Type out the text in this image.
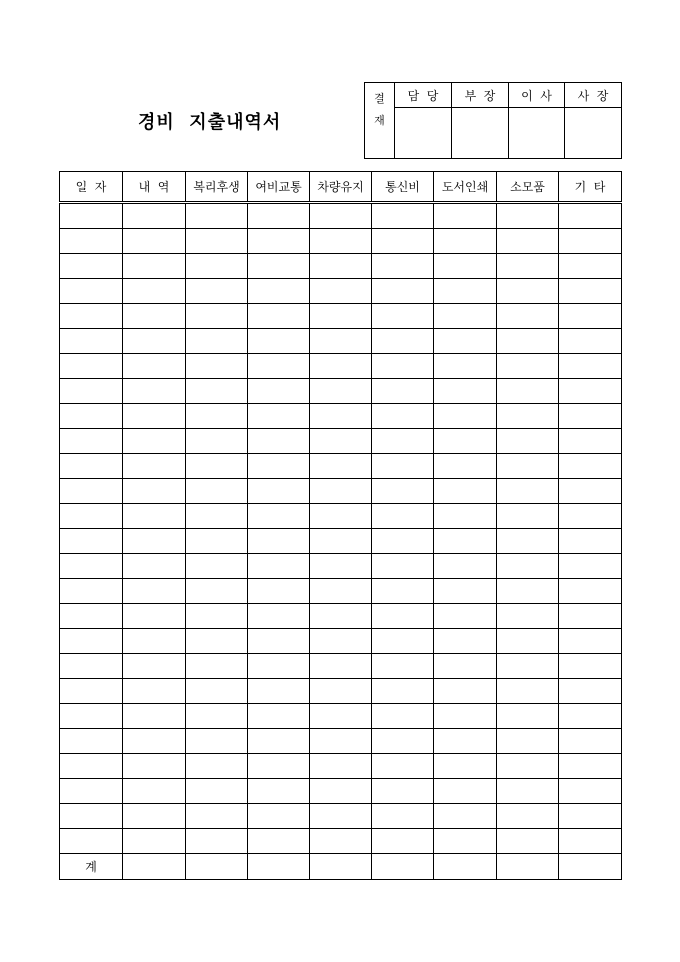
경비  지출내역서
결	담  당	부  장	이  사	사  장
재				
일  자	내  역	복리후생	여비교통	차량유지	통신비	도서인쇄	소모품	기  타

계								
